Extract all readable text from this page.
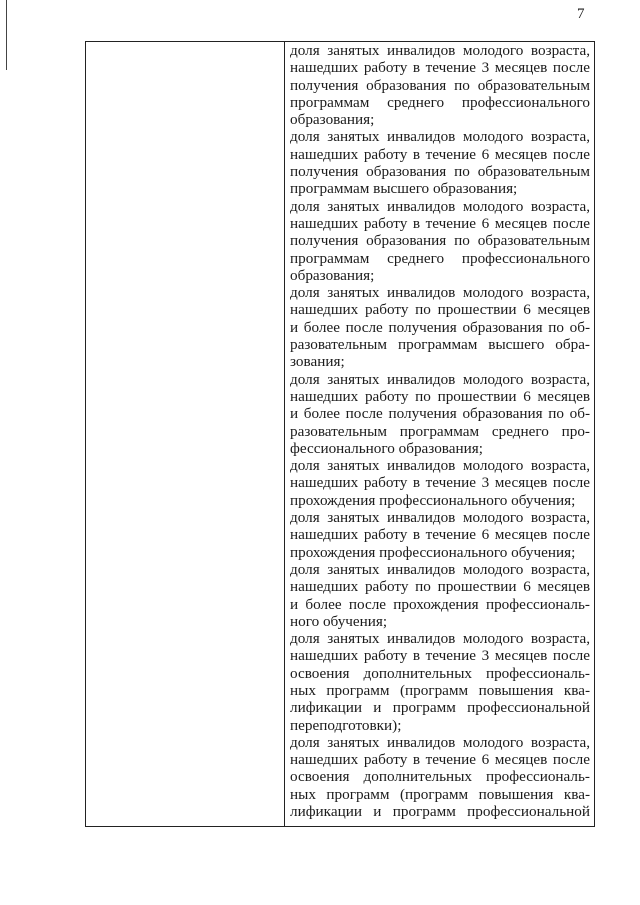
7

доля занятых инвалидов молодого возраста,
нашедших работу в течение 3 месяцев после
получения образования по образовательным
программам среднего профессионального
образования;
доля занятых инвалидов молодого возраста,
нашедших работу в течение 6 месяцев после
получения образования по образовательным
программам высшего образования;
доля занятых инвалидов молодого возраста,
нашедших работу в течение 6 месяцев после
получения образования по образовательным
программам среднего профессионального
образования;
доля занятых инвалидов молодого возраста,
нашедших работу по прошествии 6 месяцев
и более после получения образования по об-
разовательным программам высшего обра-
зования;
доля занятых инвалидов молодого возраста,
нашедших работу по прошествии 6 месяцев
и более после получения образования по об-
разовательным программам среднего про-
фессионального образования;
доля занятых инвалидов молодого возраста,
нашедших работу в течение 3 месяцев после
прохождения профессионального обучения;
доля занятых инвалидов молодого возраста,
нашедших работу в течение 6 месяцев после
прохождения профессионального обучения;
доля занятых инвалидов молодого возраста,
нашедших работу по прошествии 6 месяцев
и более после прохождения профессиональ-
ного обучения;
доля занятых инвалидов молодого возраста,
нашедших работу в течение 3 месяцев после
освоения дополнительных профессиональ-
ных программ (программ повышения ква-
лификации и программ профессиональной
переподготовки);
доля занятых инвалидов молодого возраста,
нашедших работу в течение 6 месяцев после
освоения дополнительных профессиональ-
ных программ (программ повышения ква-
лификации и программ профессиональной
